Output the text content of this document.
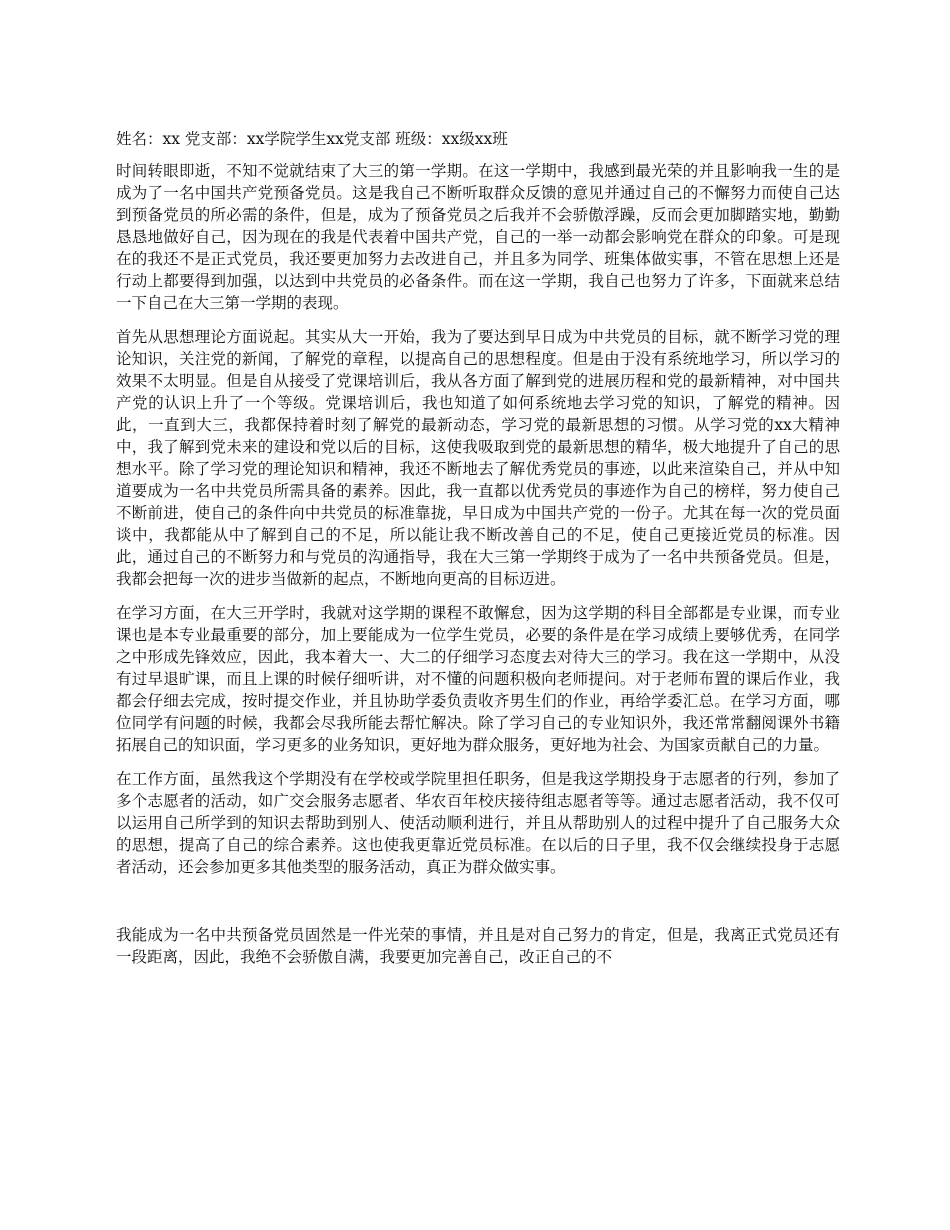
姓名：xx 党支部：xx学院学生xx党支部 班级：xx级xx班

时间转眼即逝，不知不觉就结束了大三的第一学期。在这一学期中，我感到最光荣的并且影响我一生的是成为了一名中国共产党预备党员。这是我自己不断听取群众反馈的意见并通过自己的不懈努力而使自己达到预备党员的所必需的条件，但是，成为了预备党员之后我并不会骄傲浮躁，反而会更加脚踏实地，勤勤恳恳地做好自己，因为现在的我是代表着中国共产党，自己的一举一动都会影响党在群众的印象。可是现在的我还不是正式党员，我还要更加努力去改进自己，并且多为同学、班集体做实事，不管在思想上还是行动上都要得到加强，以达到中共党员的必备条件。而在这一学期，我自己也努力了许多，下面就来总结一下自己在大三第一学期的表现。

首先从思想理论方面说起。其实从大一开始，我为了要达到早日成为中共党员的目标，就不断学习党的理论知识，关注党的新闻，了解党的章程，以提高自己的思想程度。但是由于没有系统地学习，所以学习的效果不太明显。但是自从接受了党课培训后，我从各方面了解到党的进展历程和党的最新精神，对中国共产党的认识上升了一个等级。党课培训后，我也知道了如何系统地去学习党的知识，了解党的精神。因此，一直到大三，我都保持着时刻了解党的最新动态，学习党的最新思想的习惯。从学习党的xx大精神中，我了解到党未来的建设和党以后的目标，这使我吸取到党的最新思想的精华，极大地提升了自己的思想水平。除了学习党的理论知识和精神，我还不断地去了解优秀党员的事迹，以此来渲染自己，并从中知道要成为一名中共党员所需具备的素养。因此，我一直都以优秀党员的事迹作为自己的榜样，努力使自己不断前进，使自己的条件向中共党员的标准靠拢，早日成为中国共产党的一份子。尤其在每一次的党员面谈中，我都能从中了解到自己的不足，所以能让我不断改善自己的不足，使自己更接近党员的标准。因此，通过自己的不断努力和与党员的沟通指导，我在大三第一学期终于成为了一名中共预备党员。但是，我都会把每一次的进步当做新的起点，不断地向更高的目标迈进。

在学习方面，在大三开学时，我就对这学期的课程不敢懈怠，因为这学期的科目全部都是专业课，而专业课也是本专业最重要的部分，加上要能成为一位学生党员，必要的条件是在学习成绩上要够优秀，在同学之中形成先锋效应，因此，我本着大一、大二的仔细学习态度去对待大三的学习。我在这一学期中，从没有过早退旷课，而且上课的时候仔细听讲，对不懂的问题积极向老师提问。对于老师布置的课后作业，我都会仔细去完成，按时提交作业，并且协助学委负责收齐男生们的作业，再给学委汇总。在学习方面，哪位同学有问题的时候，我都会尽我所能去帮忙解决。除了学习自己的专业知识外，我还常常翻阅课外书籍拓展自己的知识面，学习更多的业务知识，更好地为群众服务，更好地为社会、为国家贡献自己的力量。

在工作方面，虽然我这个学期没有在学校或学院里担任职务，但是我这学期投身于志愿者的行列，参加了多个志愿者的活动，如广交会服务志愿者、华农百年校庆接待组志愿者等等。通过志愿者活动，我不仅可以运用自己所学到的知识去帮助到别人、使活动顺利进行，并且从帮助别人的过程中提升了自己服务大众的思想，提高了自己的综合素养。这也使我更靠近党员标准。在以后的日子里，我不仅会继续投身于志愿者活动，还会参加更多其他类型的服务活动，真正为群众做实事。

我能成为一名中共预备党员固然是一件光荣的事情，并且是对自己努力的肯定，但是，我离正式党员还有一段距离，因此，我绝不会骄傲自满，我要更加完善自己，改正自己的不
